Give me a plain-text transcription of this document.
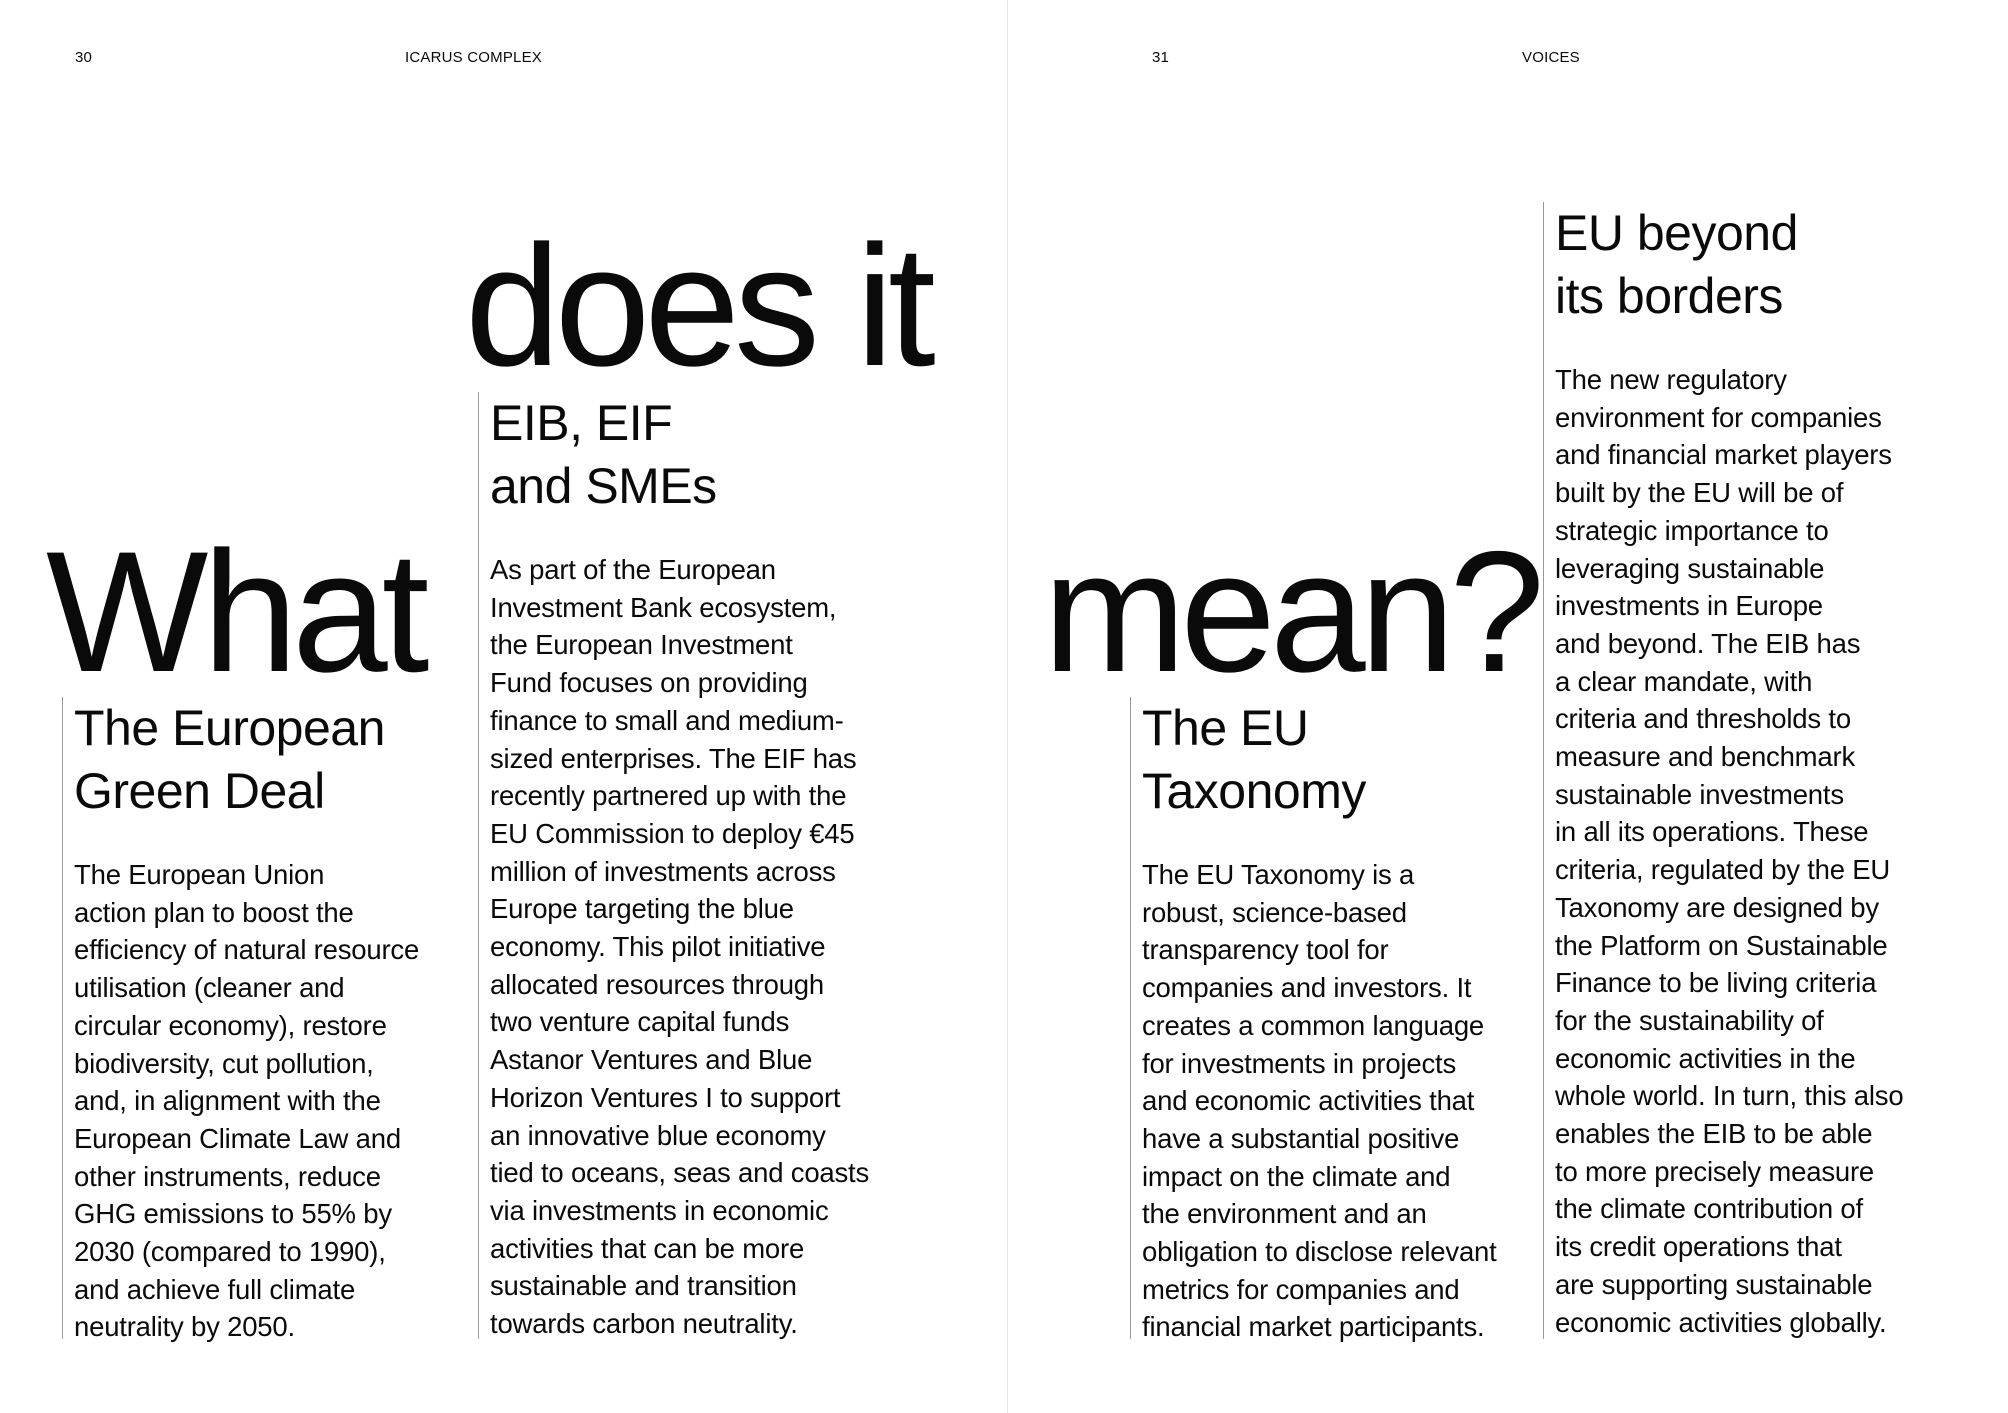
30	ICARUS COMPLEX	31	VOICES
does it
What	mean?
The European
Green Deal

The European Union
action plan to boost the
efficiency of natural resource
utilisation (cleaner and
circular economy), restore
biodiversity, cut pollution,
and, in alignment with the
European Climate Law and
other instruments, reduce
GHG emissions to 55% by
2030 (compared to 1990),
and achieve full climate
neutrality by 2050.

EIB, EIF
and SMEs

As part of the European
Investment Bank ecosystem,
the European Investment
Fund focuses on providing
finance to small and medium-
sized enterprises. The EIF has
recently partnered up with the
EU Commission to deploy €45
million of investments across
Europe targeting the blue
economy. This pilot initiative
allocated resources through
two venture capital funds
Astanor Ventures and Blue
Horizon Ventures I to support
an innovative blue economy
tied to oceans, seas and coasts
via investments in economic
activities that can be more
sustainable and transition
towards carbon neutrality.

The EU
Taxonomy

The EU Taxonomy is a
robust, science-based
transparency tool for
companies and investors. It
creates a common language
for investments in projects
and economic activities that
have a substantial positive
impact on the climate and
the environment and an
obligation to disclose relevant
metrics for companies and
financial market participants.

EU beyond
its borders

The new regulatory
environment for companies
and financial market players
built by the EU will be of
strategic importance to
leveraging sustainable
investments in Europe
and beyond. The EIB has
a clear mandate, with
criteria and thresholds to
measure and benchmark
sustainable investments
in all its operations. These
criteria, regulated by the EU
Taxonomy are designed by
the Platform on Sustainable
Finance to be living criteria
for the sustainability of
economic activities in the
whole world. In turn, this also
enables the EIB to be able
to more precisely measure
the climate contribution of
its credit operations that
are supporting sustainable
economic activities globally.
